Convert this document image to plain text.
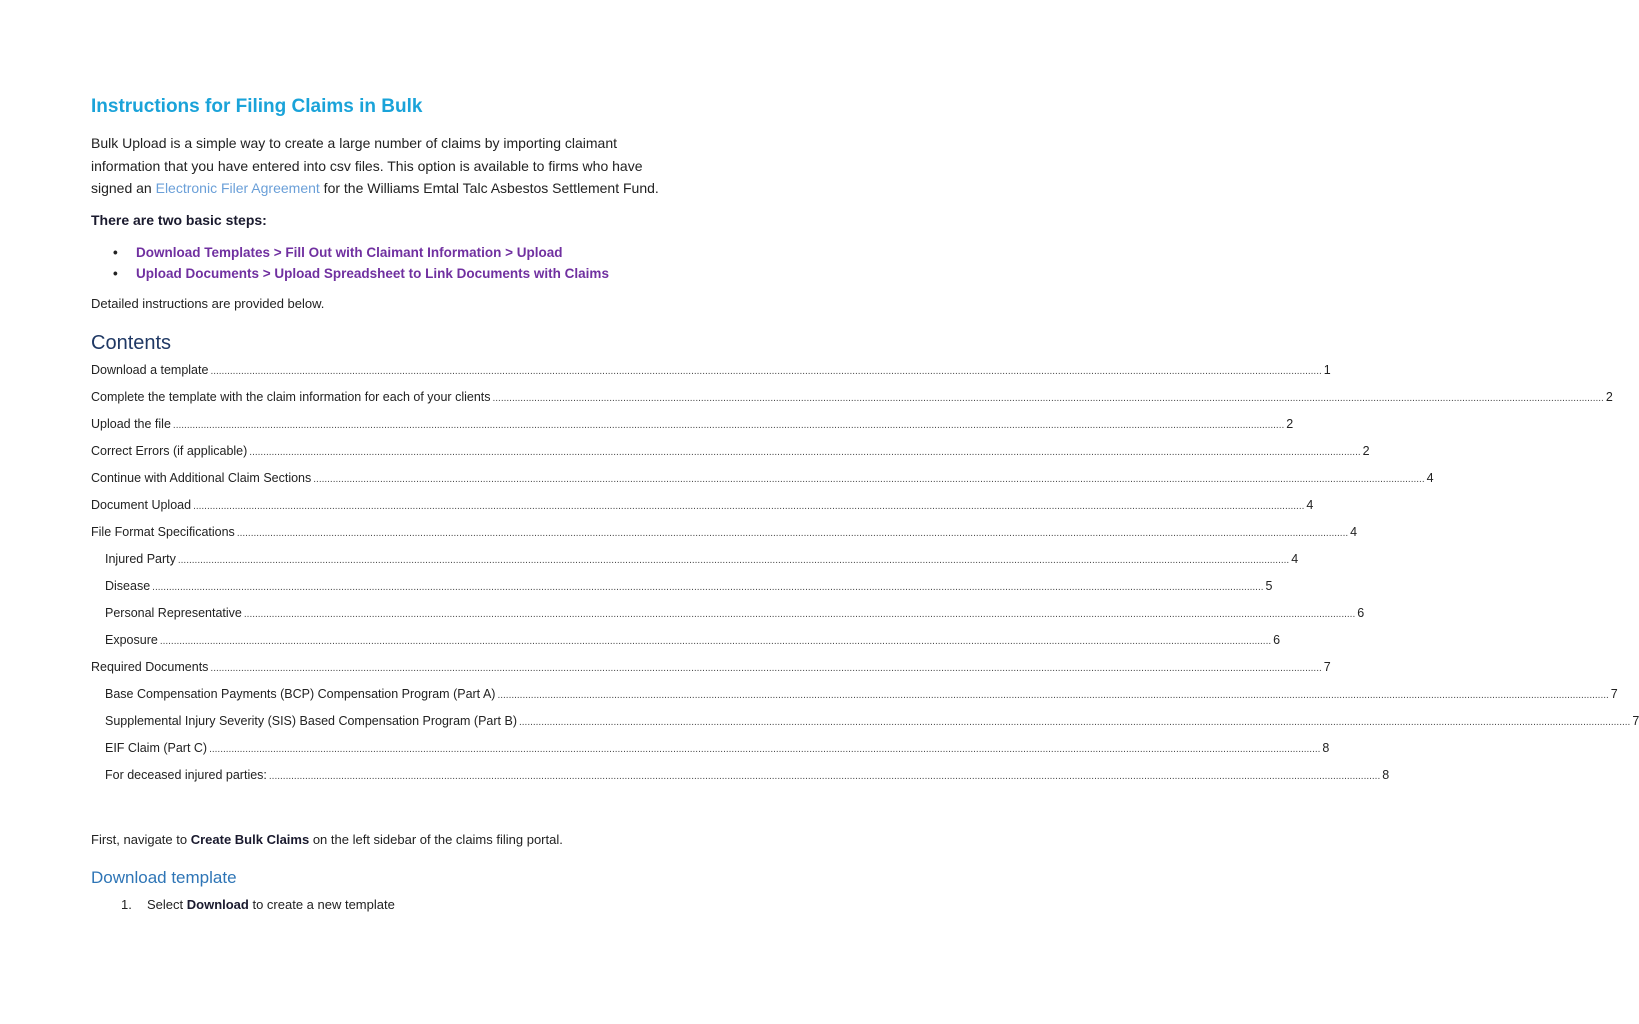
Instructions for Filing Claims in Bulk

Bulk Upload is a simple way to create a large number of claims by importing claimant information that you have entered into csv files. This option is available to firms who have signed an Electronic Filer Agreement for the Williams Emtal Talc Asbestos Settlement Fund.

There are two basic steps:

• Download Templates > Fill Out with Claimant Information > Upload
• Upload Documents > Upload Spreadsheet to Link Documents with Claims

Detailed instructions are provided below.

Contents
Download a template ................................................................................................................................................................................................................................................................................................................................................................................................................ 1
Complete the template with the claim information for each of your clients ................................................................................................................................................................................................................................................................................................................................................................................................................ 2
Upload the file ................................................................................................................................................................................................................................................................................................................................................................................................................ 2
Correct Errors (if applicable) ................................................................................................................................................................................................................................................................................................................................................................................................................ 2
Continue with Additional Claim Sections ................................................................................................................................................................................................................................................................................................................................................................................................................ 4
Document Upload ................................................................................................................................................................................................................................................................................................................................................................................................................ 4
File Format Specifications ................................................................................................................................................................................................................................................................................................................................................................................................................ 4
Injured Party ................................................................................................................................................................................................................................................................................................................................................................................................................ 4
Disease ................................................................................................................................................................................................................................................................................................................................................................................................................ 5
Personal Representative ................................................................................................................................................................................................................................................................................................................................................................................................................ 6
Exposure ................................................................................................................................................................................................................................................................................................................................................................................................................ 6
Required Documents ................................................................................................................................................................................................................................................................................................................................................................................................................ 7
Base Compensation Payments (BCP) Compensation Program (Part A) ................................................................................................................................................................................................................................................................................................................................................................................................................ 7
Supplemental Injury Severity (SIS) Based Compensation Program (Part B) ................................................................................................................................................................................................................................................................................................................................................................................................................ 7
EIF Claim (Part C) ................................................................................................................................................................................................................................................................................................................................................................................................................ 8
For deceased injured parties: ................................................................................................................................................................................................................................................................................................................................................................................................................ 8

First, navigate to Create Bulk Claims on the left sidebar of the claims filing portal.

Download template
1.	Select Download to create a new template
